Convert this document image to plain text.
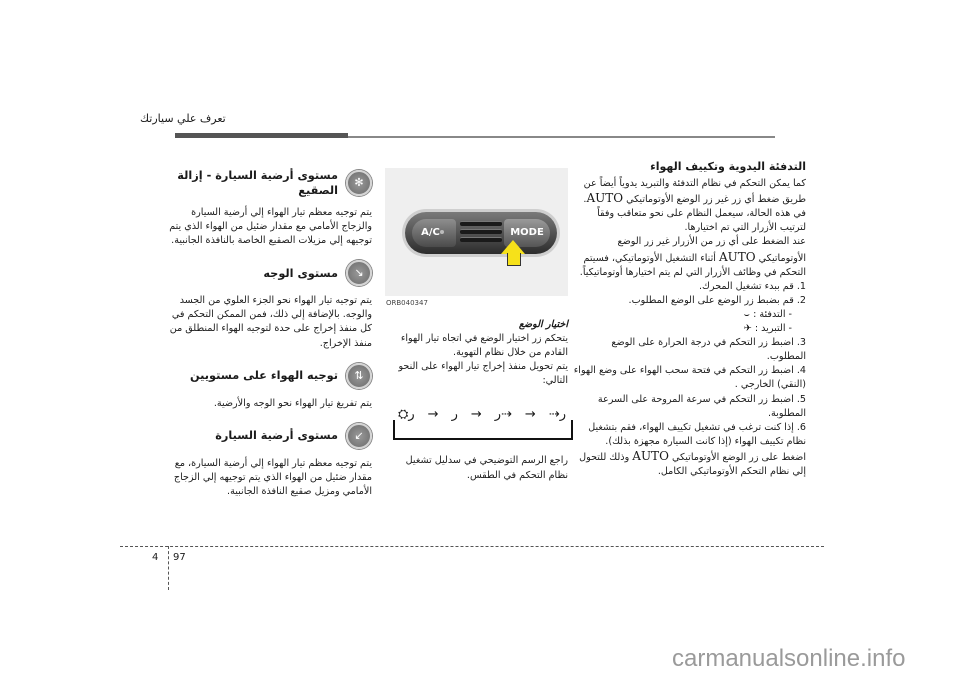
تعرف علي سيارتك
التدفئة اليدوية وتكييف الهواء

كما يمكن التحكم في نظام التدفئة والتبريد يدوياً أيضاً عن طريق ضغط أي زر غير زر الوضع الأوتوماتيكي AUTO. في هذه الحالة، سيعمل النظام على نحو متعاقب وفقاً لترتيب الأزرار التي تم اختيارها.

عند الضغط على أي زر من الأزرار غير زر الوضع الأوتوماتيكي AUTO أثناء التشغيل الأوتوماتيكي، فسيتم التحكم في وظائف الأزرار التي لم يتم اختيارها أوتوماتيكياً.

1. قم ببدء تشغيل المحرك.
2. قم بضبط زر الوضع على الوضع المطلوب.
- التدفئة : ⌣
- التبريد : ✈
3. اضبط زر التحكم في درجة الحرارة على الوضع المطلوب.
4. اضبط زر التحكم في فتحة سحب الهواء على وضع الهواء (النقي) الخارجي .
5. اضبط زر التحكم في سرعة المروحة على السرعة المطلوبة.
6. إذا كنت ترغب في تشغيل تكييف الهواء، فقم بتشغيل نظام تكييف الهواء (إذا كانت السيارة مجهزة بذلك).

اضغط على زر الوضع الأوتوماتيكي AUTO وذلك للتحول إلي نظام التحكم الأوتوماتيكي الكامل.

A/C	MODE
ORB040347
اختيار الوضع

يتحكم زر اختيار الوضع في اتجاه تيار الهواء القادم من خلال نظام التهوية.

يتم تحويل منفذ إخراج تيار الهواء على النحو التالي:

⛭ﺭ → ﺭ → ﺭ⇢ → ⇢ﺭ

راجع الرسم التوضيحي في سدليل تشغيل نظام التحكم في الطقس.

✻
مستوى أرضية السيارة - إزالة الصقيع

يتم توجيه معظم تيار الهواء إلي أرضية السيارة والزجاج الأمامي مع مقدار ضئيل من الهواء الذي يتم توجيهه إلي مزيلات الصقيع الخاصة بالنافذة الجانبية.

↘
مستوى الوجه

يتم توجيه تيار الهواء نحو الجزء العلوي من الجسد والوجه. بالإضافة إلي ذلك، فمن الممكن التحكم في كل منفذ إخراج على حدة لتوجيه الهواء المنطلق من منفذ الإخراج.

⇅
توجيه الهواء على مستويين

يتم تفريغ تيار الهواء نحو الوجه والأرضية.

↙
مستوى أرضية السيارة

يتم توجيه معظم تيار الهواء إلي أرضية السيارة، مع مقدار ضئيل من الهواء الذي يتم توجيهه إلي الزجاج الأمامي ومزيل صقيع النافذة الجانبية.

4 97
carmanualsonline.info
